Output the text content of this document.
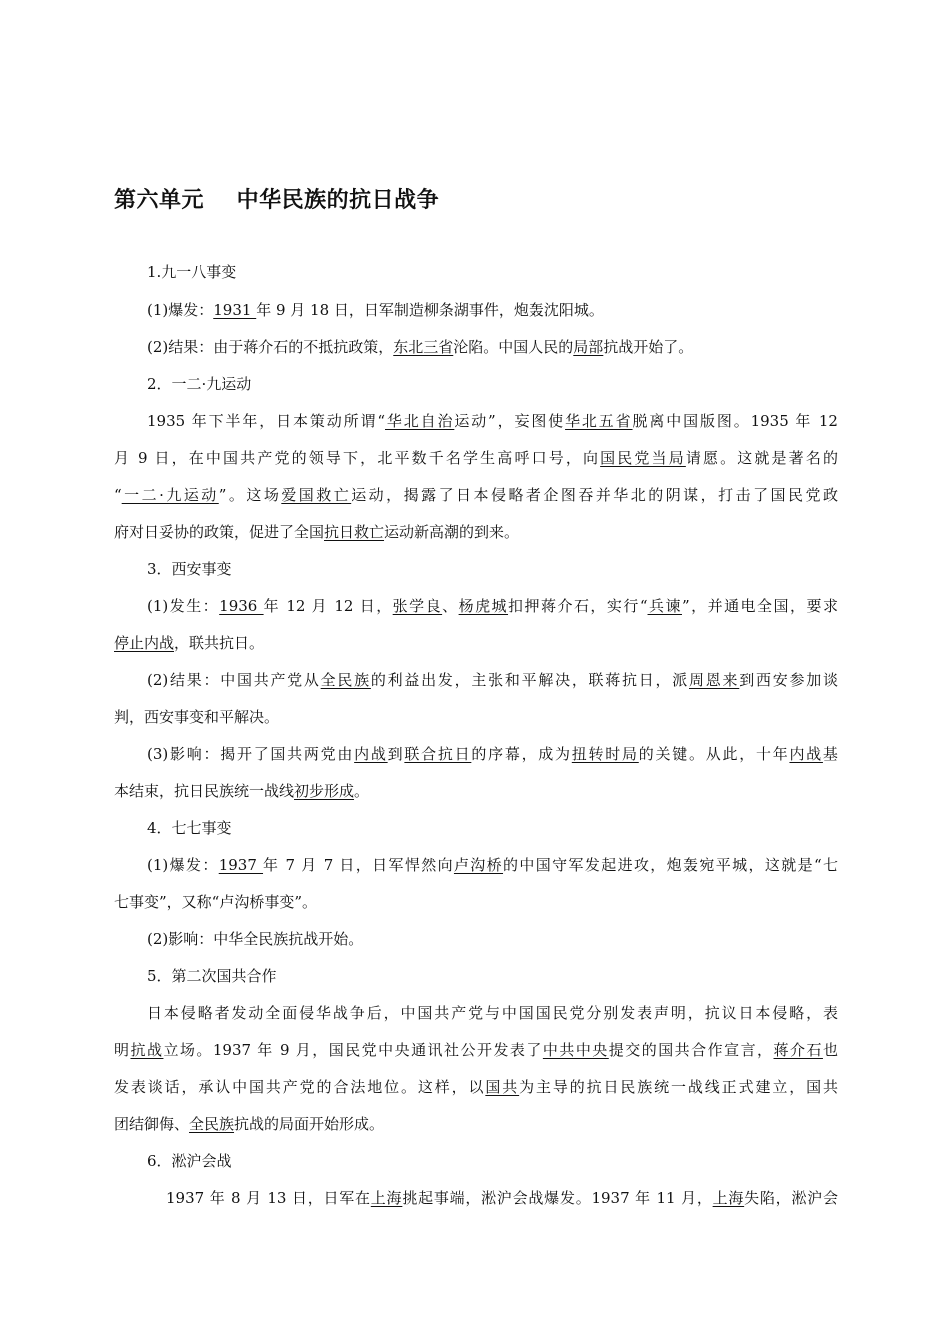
第六单元    中华民族的抗日战争

1.九一八事变

(1)爆发：1931 年 9 月 18 日，日军制造柳条湖事件，炮轰沈阳城。

(2)结果：由于蒋介石的不抵抗政策，东北三省沦陷。中国人民的局部抗战开始了。

2．一二·九运动

1935 年下半年，日本策动所谓“华北自治运动”，妄图使华北五省脱离中国版图。1935 年 12

月 9 日，在中国共产党的领导下，北平数千名学生高呼口号，向国民党当局请愿。这就是著名的

“一二·九运动”。这场爱国救亡运动，揭露了日本侵略者企图吞并华北的阴谋，打击了国民党政

府对日妥协的政策，促进了全国抗日救亡运动新高潮的到来。

3．西安事变

(1)发生：1936 年 12 月 12 日，张学良、杨虎城扣押蒋介石，实行“兵谏”，并通电全国，要求

停止内战，联共抗日。

(2)结果：中国共产党从全民族的利益出发，主张和平解决，联蒋抗日，派周恩来到西安参加谈

判，西安事变和平解决。

(3)影响：揭开了国共两党由内战到联合抗日的序幕，成为扭转时局的关键。从此，十年内战基

本结束，抗日民族统一战线初步形成。

4．七七事变

(1)爆发：1937 年 7 月 7 日，日军悍然向卢沟桥的中国守军发起进攻，炮轰宛平城，这就是“七

七事变”，又称“卢沟桥事变”。

(2)影响：中华全民族抗战开始。

5．第二次国共合作

日本侵略者发动全面侵华战争后，中国共产党与中国国民党分别发表声明，抗议日本侵略，表

明抗战立场。1937 年 9 月，国民党中央通讯社公开发表了中共中央提交的国共合作宣言，蒋介石也

发表谈话，承认中国共产党的合法地位。这样，以国共为主导的抗日民族统一战线正式建立，国共

团结御侮、全民族抗战的局面开始形成。

6．淞沪会战

1937 年 8 月 13 日，日军在上海挑起事端，淞沪会战爆发。1937 年 11 月，上海失陷，淞沪会
